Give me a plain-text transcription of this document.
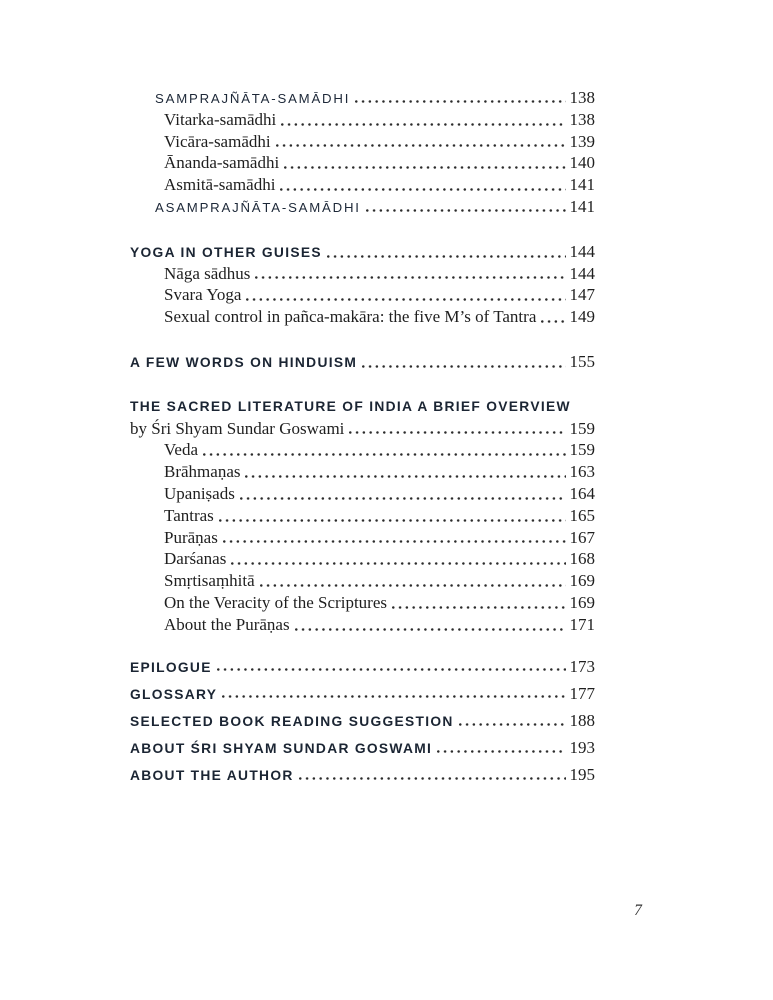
SAMPRAJÑĀTA-SAMĀDHI	138
Vitarka-samādhi	138
Vicāra-samādhi	139
Ānanda-samādhi	140
Asmitā-samādhi	141
ASAMPRAJÑĀTA-SAMĀDHI	141
YOGA IN OTHER GUISES	144
Nāga sādhus	144
Svara Yoga	147
Sexual control in pañca-makāra: the five M’s of Tantra 149
A FEW WORDS ON HINDUISM	155
THE SACRED LITERATURE OF INDIA A BRIEF OVERVIEW
by Śri Shyam Sundar Goswami	159
Veda	159
Brāhmaṇas	163
Upaniṣads	164
Tantras	165
Purāṇas	167
Darśanas	168
Smṛtisaṃhitā	169
On the Veracity of the Scriptures	169
About the Purāṇas	171
EPILOGUE	173
GLOSSARY	177
SELECTED BOOK READING SUGGESTION	188
ABOUT ŚRI SHYAM SUNDAR GOSWAMI	193
ABOUT THE AUTHOR	195
7
